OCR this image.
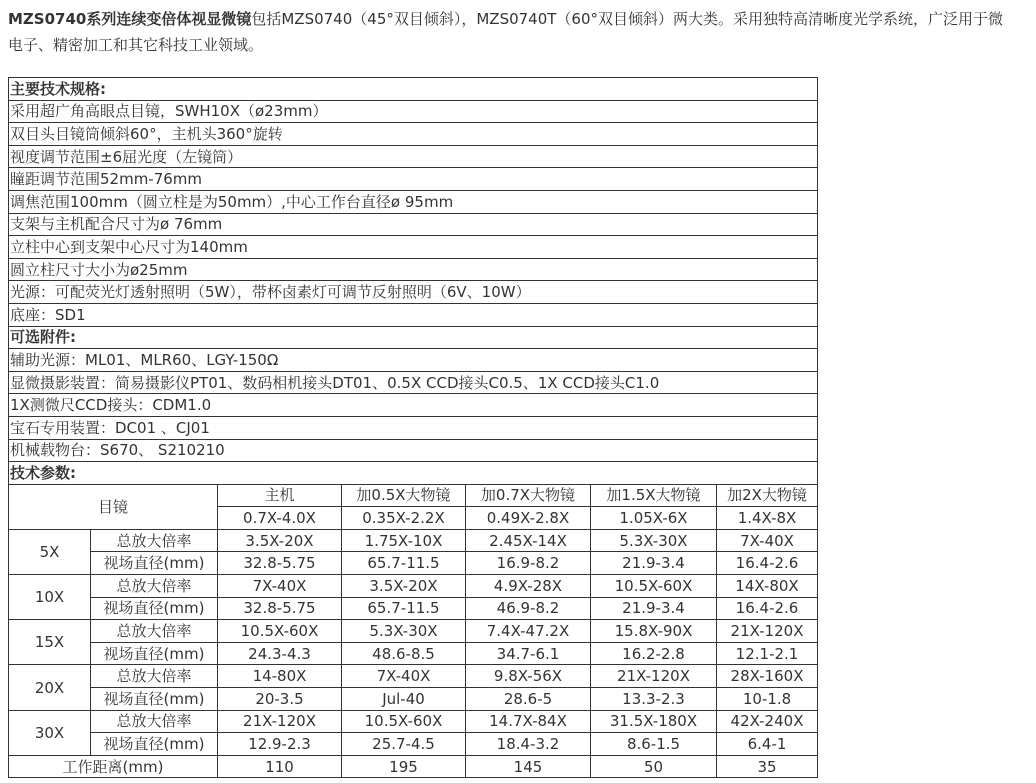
MZS0740系列连续变倍体视显微镜包括MZS0740（45°双目倾斜），MZS0740T（60°双目倾斜）两大类。采用独特高清晰度光学系统，广泛用于微电子、精密加工和其它科技工业领域。

主要技术规格:						
采用超广角高眼点目镜，SWH10X（ø23mm）						
双目头目镜筒倾斜60°，主机头360°旋转						
视度调节范围±6屈光度（左镜筒）						
瞳距调节范围52mm-76mm						
调焦范围100mm（圆立柱是为50mm）,中心工作台直径ø 95mm						
支架与主机配合尺寸为ø 76mm						
立柱中心到支架中心尺寸为140mm						
圆立柱尺寸大小为ø25mm						
光源：可配荧光灯透射照明（5W），带杯卤素灯可调节反射照明（6V、10W）						
底座：SD1						
可选附件:						
辅助光源：ML01、MLR60、LGY-150Ω						
显微摄影装置：简易摄影仪PT01、数码相机接头DT01、0.5X CCD接头C0.5、1X CCD接头C1.0						
1X测微尺CCD接头：CDM1.0						
宝石专用装置：DC01 、CJ01						
机械载物台：S670、 S210210						
技术参数:						
目镜		主机	加0.5X大物镜	加0.7X大物镜	加1.5X大物镜	加2X大物镜
		0.7X-4.0X	0.35X-2.2X	0.49X-2.8X	1.05X-6X	1.4X-8X
5X	总放大倍率	3.5X-20X	1.75X-10X	2.45X-14X	5.3X-30X	7X-40X
	视场直径(mm)	32.8-5.75	65.7-11.5	16.9-8.2	21.9-3.4	16.4-2.6
10X	总放大倍率	7X-40X	3.5X-20X	4.9X-28X	10.5X-60X	14X-80X
	视场直径(mm)	32.8-5.75	65.7-11.5	46.9-8.2	21.9-3.4	16.4-2.6
15X	总放大倍率	10.5X-60X	5.3X-30X	7.4X-47.2X	15.8X-90X	21X-120X
	视场直径(mm)	24.3-4.3	48.6-8.5	34.7-6.1	16.2-2.8	12.1-2.1
20X	总放大倍率	14-80X	7X-40X	9.8X-56X	21X-120X	28X-160X
	视场直径(mm)	20-3.5	Jul-40	28.6-5	13.3-2.3	10-1.8
30X	总放大倍率	21X-120X	10.5X-60X	14.7X-84X	31.5X-180X	42X-240X
	视场直径(mm)	12.9-2.3	25.7-4.5	18.4-3.2	8.6-1.5	6.4-1
工作距离(mm)		110	195	145	50	35
